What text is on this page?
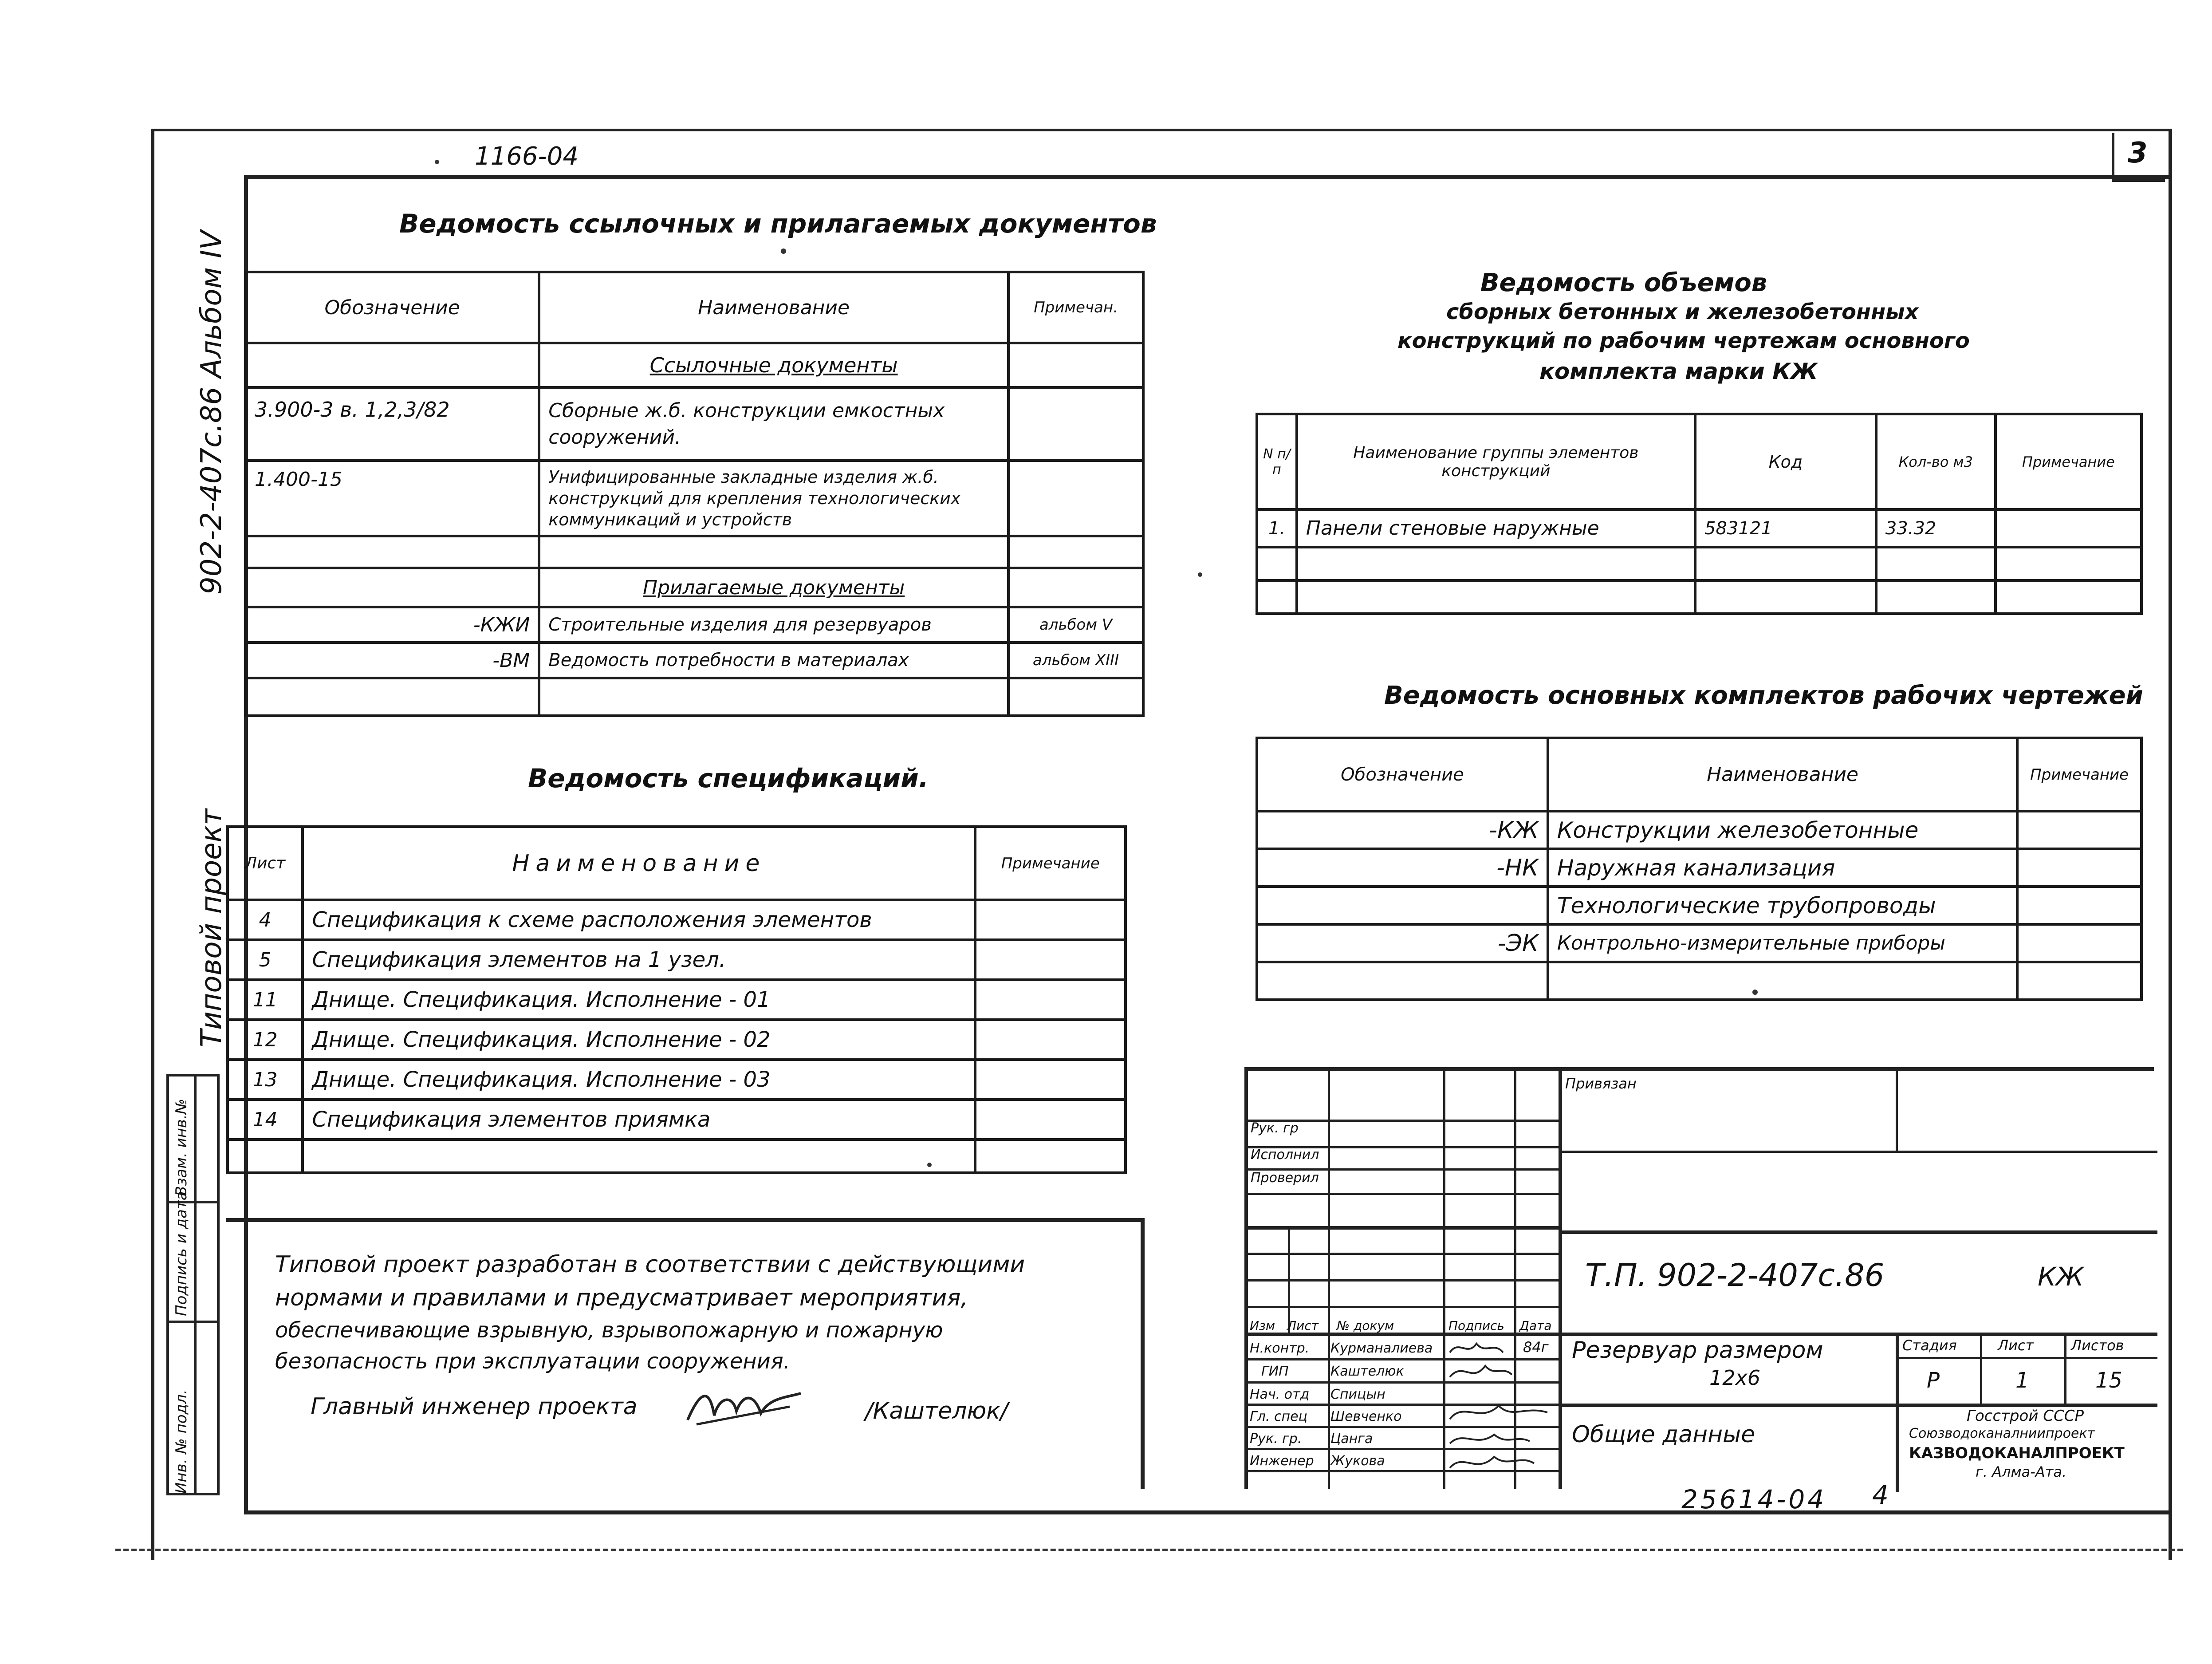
3
1166-04
902-2-407с.86 Альбом IV
Типовой проект
Инв. № подл.
Подпись и дата
Взам. инв.№
Ведомость ссылочных и прилагаемых документов
Обозначение	Наименование	Примечан.
	Ссылочные документы	
3.900-3 в. 1,2,3/82	Сборные ж.б. конструкции емкостных сооружений.	
1.400-15	Унифицированные закладные изделия ж.б. конструкций для крепления технологических коммуникаций и устройств	

	Прилагаемые документы	
-КЖИ	Строительные изделия для резервуаров	альбом V
-ВМ	Ведомость потребности в материалах	альбом XIII

Ведомость спецификаций.
Лист	Наименование	Примечание
4	Спецификация к схеме расположения элементов	
5	Спецификация элементов на 1 узел.	
11	Днище. Спецификация. Исполнение - 01	
12	Днище. Спецификация. Исполнение - 02	
13	Днище. Спецификация. Исполнение - 03	
14	Спецификация элементов приямка	

Типовой проект разработан в соответствии с действующими
нормами и правилами и предусматривает мероприятия,
обеспечивающие взрывную, взрывопожарную и пожарную
безопасность при эксплуатации сооружения.
Главный инженер проекта	/Каштелюк/
Ведомость объемов
сборных бетонных и железобетонных
конструкций по рабочим чертежам основного
комплекта марки КЖ
N п/п	Наименование группы элементов конструкций	Код	Кол-во м3	Примечание
1.	Панели стеновые наружные	583121	33.32	

Ведомость основных комплектов рабочих чертежей
Обозначение	Наименование	Примечание
-КЖ	Конструкции железобетонные	
-НК	Наружная канализация	
	Технологические трубопроводы	
-ЭК	Контрольно-измерительные приборы	

Рук. гр
Исполнил
Проверил
Изм Лист № докум	Подпись Дата
Н.контр. Курманалиева	84г
ГИП	Каштелюк
Нач. отд Спицын
Гл. спец Шевченко
Рук. гр. Цанга
Инженер Жукова
Привязан
Т.П. 902-2-407с.86	КЖ
Резервуар размером
12х6
Общие данные
Стадия	Лист	Листов
Р	1	15
Госстрой СССР
Союзводоканалниипроект
КАЗВОДОКАНАЛПРОЕКТ
г. Алма-Ата.
25614-04 4
